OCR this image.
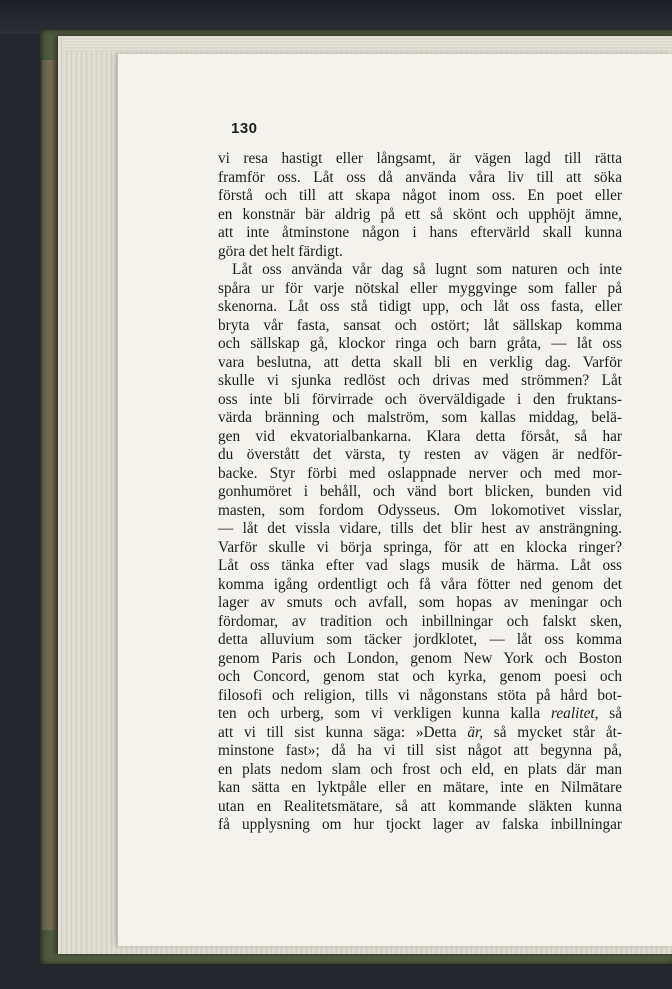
130
vi resa hastigt eller långsamt, är vägen lagd till rätta
framför oss. Låt oss då använda våra liv till att söka
förstå och till att skapa något inom oss. En poet eller
en konstnär bär aldrig på ett så skönt och upphöjt ämne,
att inte åtminstone någon i hans eftervärld skall kunna
göra det helt färdigt.
Låt oss använda vår dag så lugnt som naturen och inte
spåra ur för varje nötskal eller myggvinge som faller på
skenorna. Låt oss stå tidigt upp, och låt oss fasta, eller
bryta vår fasta, sansat och ostört; låt sällskap komma
och sällskap gå, klockor ringa och barn gråta, — låt oss
vara beslutna, att detta skall bli en verklig dag. Varför
skulle vi sjunka redlöst och drivas med strömmen? Låt
oss inte bli förvirrade och överväldigade i den fruktans-
värda bränning och malström, som kallas middag, belä-
gen vid ekvatorialbankarna. Klara detta försåt, så har
du överstått det värsta, ty resten av vägen är nedför-
backe. Styr förbi med oslappnade nerver och med mor-
gonhumöret i behåll, och vänd bort blicken, bunden vid
masten, som fordom Odysseus. Om lokomotivet visslar,
— låt det vissla vidare, tills det blir hest av ansträngning.
Varför skulle vi börja springa, för att en klocka ringer?
Låt oss tänka efter vad slags musik de härma. Låt oss
komma igång ordentligt och få våra fötter ned genom det
lager av smuts och avfall, som hopas av meningar och
fördomar, av tradition och inbillningar och falskt sken,
detta alluvium som täcker jordklotet, — låt oss komma
genom Paris och London, genom New York och Boston
och Concord, genom stat och kyrka, genom poesi och
filosofi och religion, tills vi någonstans stöta på hård bot-
ten och urberg, som vi verkligen kunna kalla realitet, så
att vi till sist kunna säga: »Detta är, så mycket står åt-
minstone fast»; då ha vi till sist något att begynna på,
en plats nedom slam och frost och eld, en plats där man
kan sätta en lyktpåle eller en mätare, inte en Nilmätare
utan en Realitetsmätare, så att kommande släkten kunna
få upplysning om hur tjockt lager av falska inbillningar
